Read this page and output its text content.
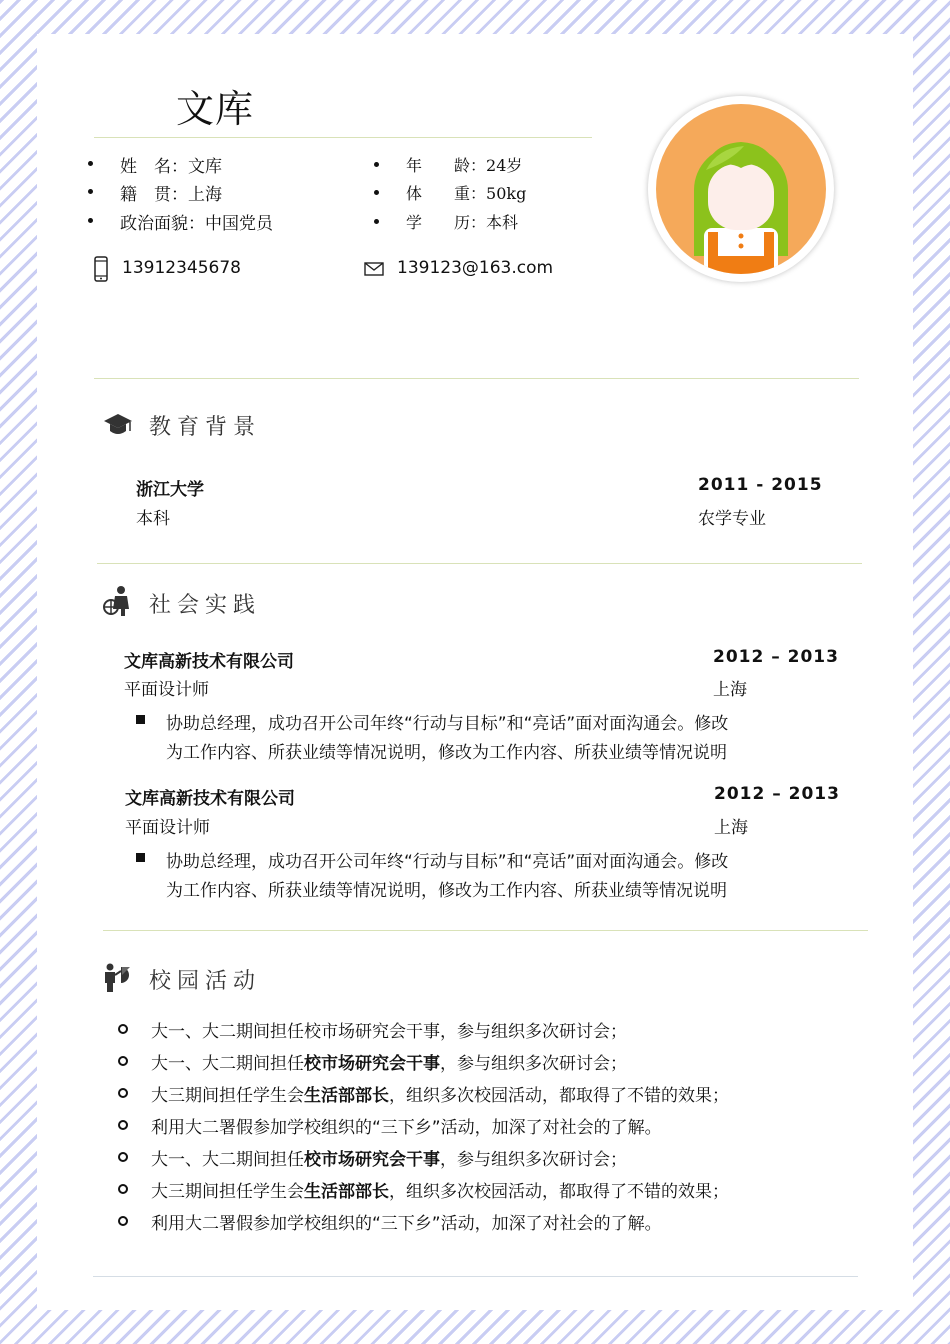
文库
姓　名：文库
籍　贯：上海
政治面貌：中国党员
年　　龄：24岁
体　　重：50kg
学　　历：本科
13912345678	139123@163.com
教育背景
浙江大学	2011 - 2015
本科	农学专业
社会实践
文库高新技术有限公司	2012 – 2013
平面设计师	上海
协助总经理，成功召开公司年终“行动与目标”和“亮话”面对面沟通会。修改
为工作内容、所获业绩等情况说明，修改为工作内容、所获业绩等情况说明
文库高新技术有限公司	2012 – 2013
平面设计师	上海
协助总经理，成功召开公司年终“行动与目标”和“亮话”面对面沟通会。修改
为工作内容、所获业绩等情况说明，修改为工作内容、所获业绩等情况说明
校园活动
大一、大二期间担任校市场研究会干事，参与组织多次研讨会；
大一、大二期间担任校市场研究会干事，参与组织多次研讨会；
大三期间担任学生会生活部部长，组织多次校园活动，都取得了不错的效果；
利用大二署假参加学校组织的“三下乡”活动，加深了对社会的了解。
大一、大二期间担任校市场研究会干事，参与组织多次研讨会；
大三期间担任学生会生活部部长，组织多次校园活动，都取得了不错的效果；
利用大二署假参加学校组织的“三下乡”活动，加深了对社会的了解。
